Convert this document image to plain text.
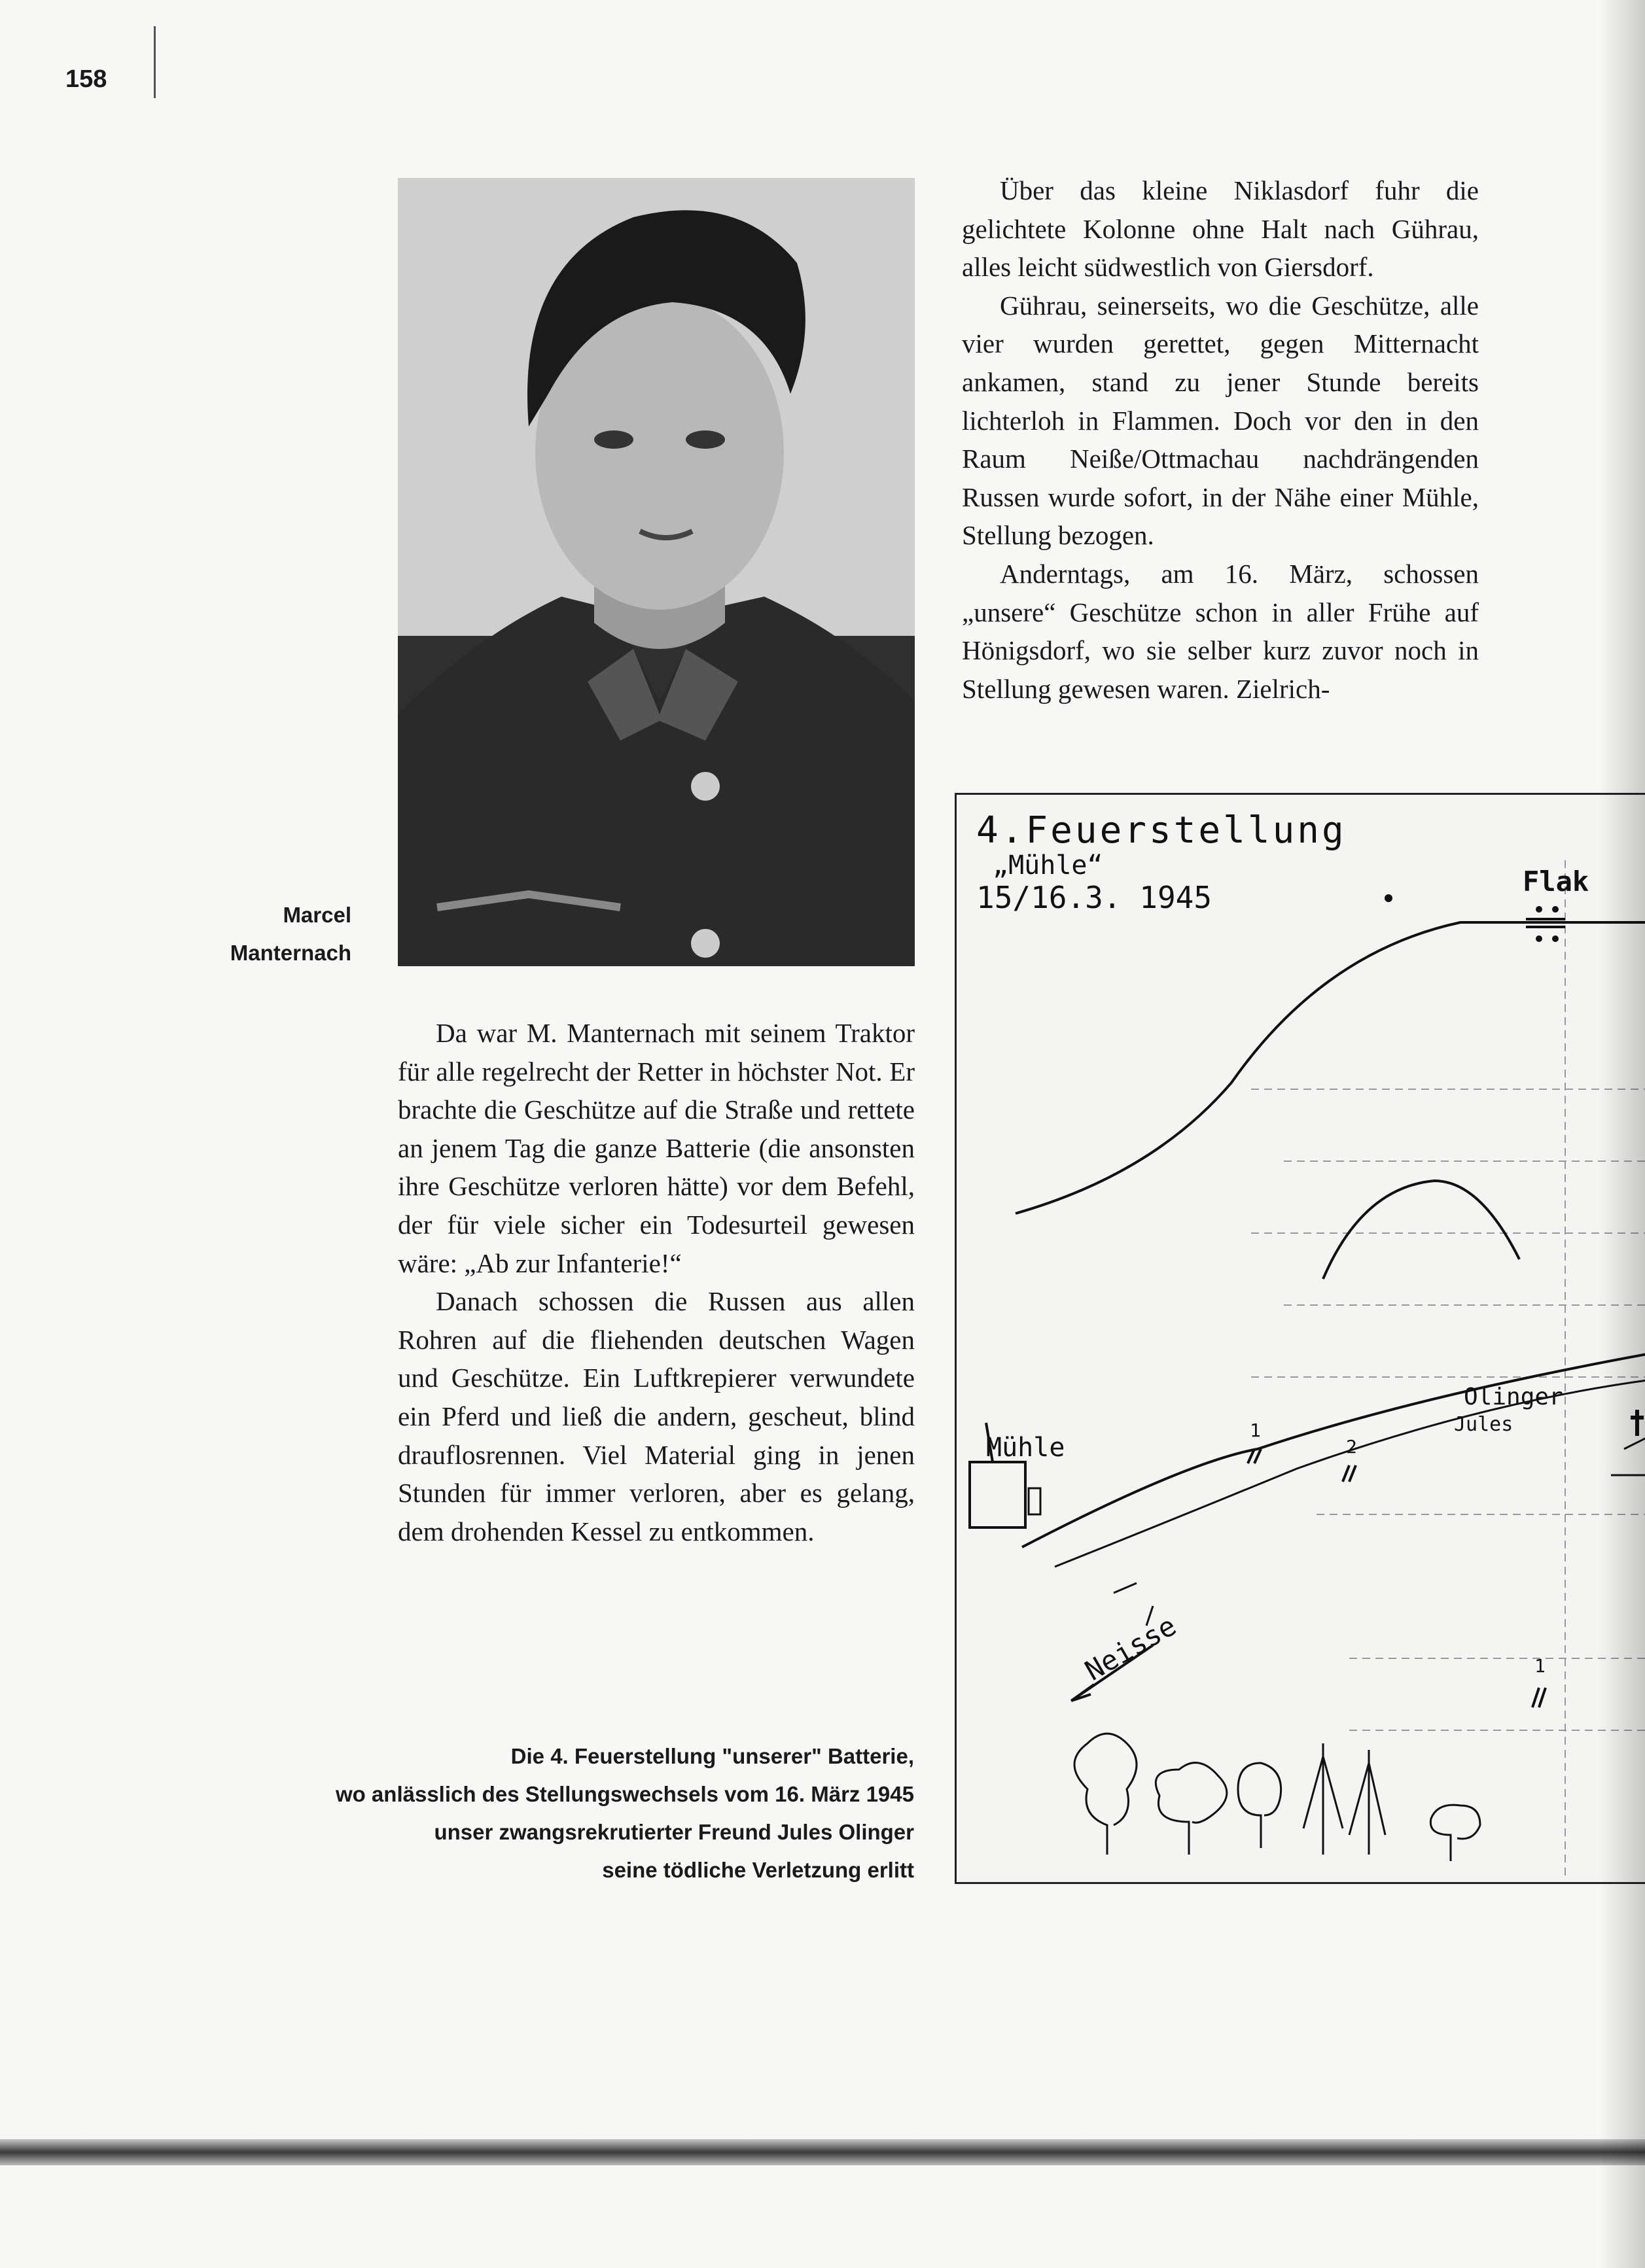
158
Marcel
Manternach

Über das kleine Niklasdorf fuhr die gelichtete Kolonne ohne Halt nach Gührau, alles leicht südwestlich von Giersdorf.

Gührau, seinerseits, wo die Geschütze, alle vier wurden gerettet, gegen Mitternacht ankamen, stand zu jener Stunde bereits lichterloh in Flammen. Doch vor den in den Raum Neiße/Ottmachau nachdrängenden Russen wurde sofort, in der Nähe einer Mühle, Stellung bezogen.

Anderntags, am 16. März, schossen „unsere“ Geschütze schon in aller Frühe auf Hönigsdorf, wo sie selber kurz zuvor noch in Stellung gewesen waren. Zielrich-

Da war M. Manternach mit seinem Traktor für alle regelrecht der Retter in höchster Not. Er brachte die Geschütze auf die Straße und rettete an jenem Tag die ganze Batterie (die ansonsten ihre Geschütze verloren hätte) vor dem Befehl, der für viele sicher ein Todesurteil gewesen wäre: „Ab zur Infanterie!“

Danach schossen die Russen aus allen Rohren auf die fliehenden deutschen Wagen und Geschütze. Ein Luftkrepierer verwundete ein Pferd und ließ die andern, gescheut, blind drauflosrennen. Viel Material ging in jenen Stunden für immer verloren, aber es gelang, dem drohenden Kessel zu entkommen.

4.Feuerstellung
„Mühle“
15/16.3. 1945	Flak
Mühle
Olinger
Jules
Neisse
1
2
1
Die 4. Feuerstellung "unserer" Batterie,
wo anlässlich des Stellungswechsels vom 16. März 1945
unser zwangsrekrutierter Freund Jules Olinger
seine tödliche Verletzung erlitt
